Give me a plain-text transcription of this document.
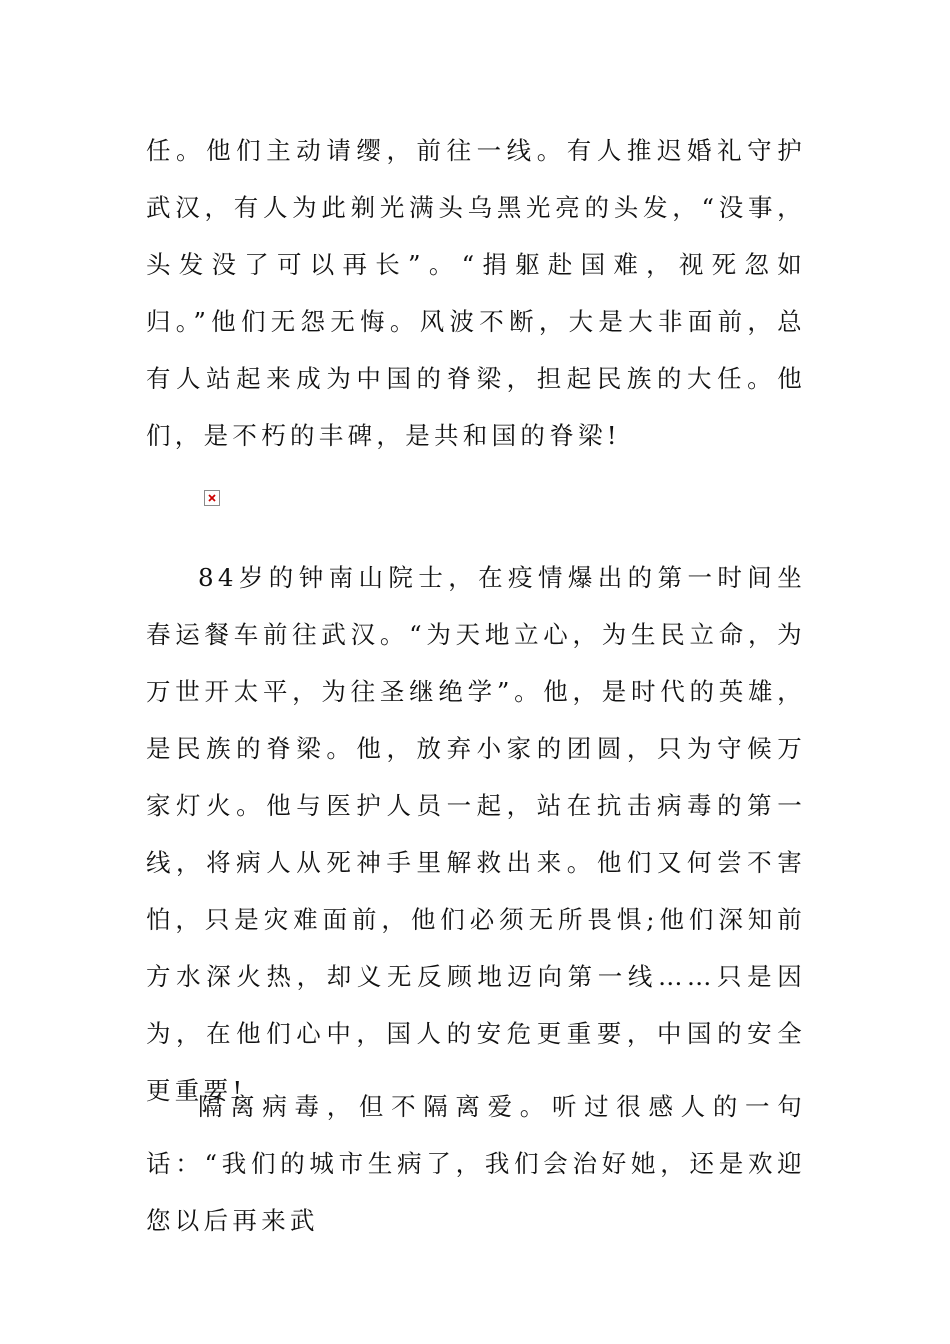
任。他们主动请缨，前往一线。有人推迟婚礼守护武汉，有人为此剃光满头乌黑光亮的头发，“没事，头发没了可以再长”。“捐躯赴国难，视死忽如归。”他们无怨无悔。风波不断，大是大非面前，总有人站起来成为中国的脊梁，担起民族的大任。他们，是不朽的丰碑，是共和国的脊梁!

84岁的钟南山院士，在疫情爆出的第一时间坐春运餐车前往武汉。“为天地立心，为生民立命，为万世开太平，为往圣继绝学”。他，是时代的英雄，是民族的脊梁。他，放弃小家的团圆，只为守候万家灯火。他与医护人员一起，站在抗击病毒的第一线，将病人从死神手里解救出来。他们又何尝不害怕，只是灾难面前，他们必须无所畏惧;他们深知前方水深火热，却义无反顾地迈向第一线……只是因为，在他们心中，国人的安危更重要，中国的安全更重要!

隔离病毒，但不隔离爱。听过很感人的一句话：“我们的城市生病了，我们会治好她，还是欢迎您以后再来武
